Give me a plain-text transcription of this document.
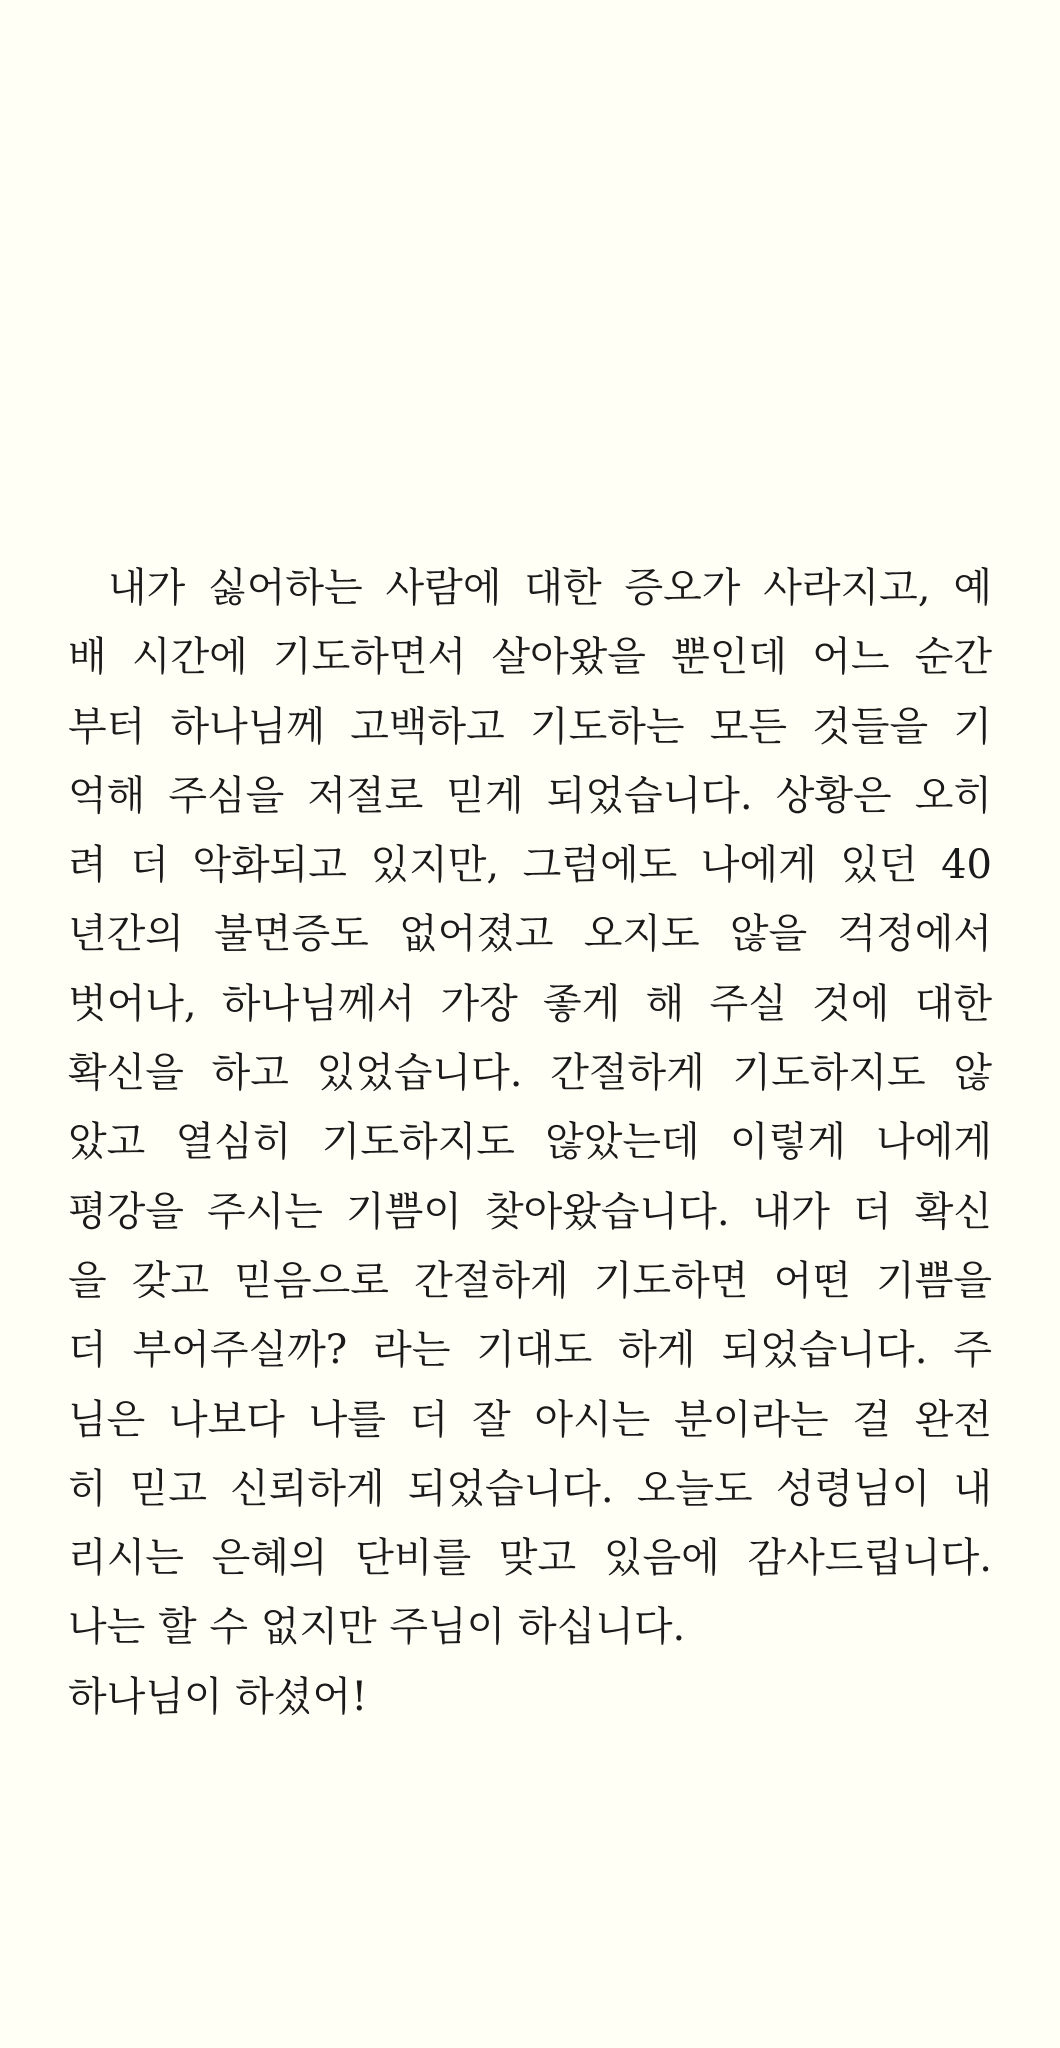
내가 싫어하는 사람에 대한 증오가 사라지고, 예
배 시간에 기도하면서 살아왔을 뿐인데 어느 순간
부터 하나님께 고백하고 기도하는 모든 것들을 기
억해 주심을 저절로 믿게 되었습니다. 상황은 오히
려 더 악화되고 있지만, 그럼에도 나에게 있던 40
년간의 불면증도 없어졌고 오지도 않을 걱정에서
벗어나, 하나님께서 가장 좋게 해 주실 것에 대한
확신을 하고 있었습니다. 간절하게 기도하지도 않
았고 열심히 기도하지도 않았는데 이렇게 나에게
평강을 주시는 기쁨이 찾아왔습니다. 내가 더 확신
을 갖고 믿음으로 간절하게 기도하면 어떤 기쁨을
더 부어주실까? 라는 기대도 하게 되었습니다. 주
님은 나보다 나를 더 잘 아시는 분이라는 걸 완전
히 믿고 신뢰하게 되었습니다. 오늘도 성령님이 내
리시는 은혜의 단비를 맞고 있음에 감사드립니다.
나는 할 수 없지만 주님이 하십니다.
하나님이 하셨어!
